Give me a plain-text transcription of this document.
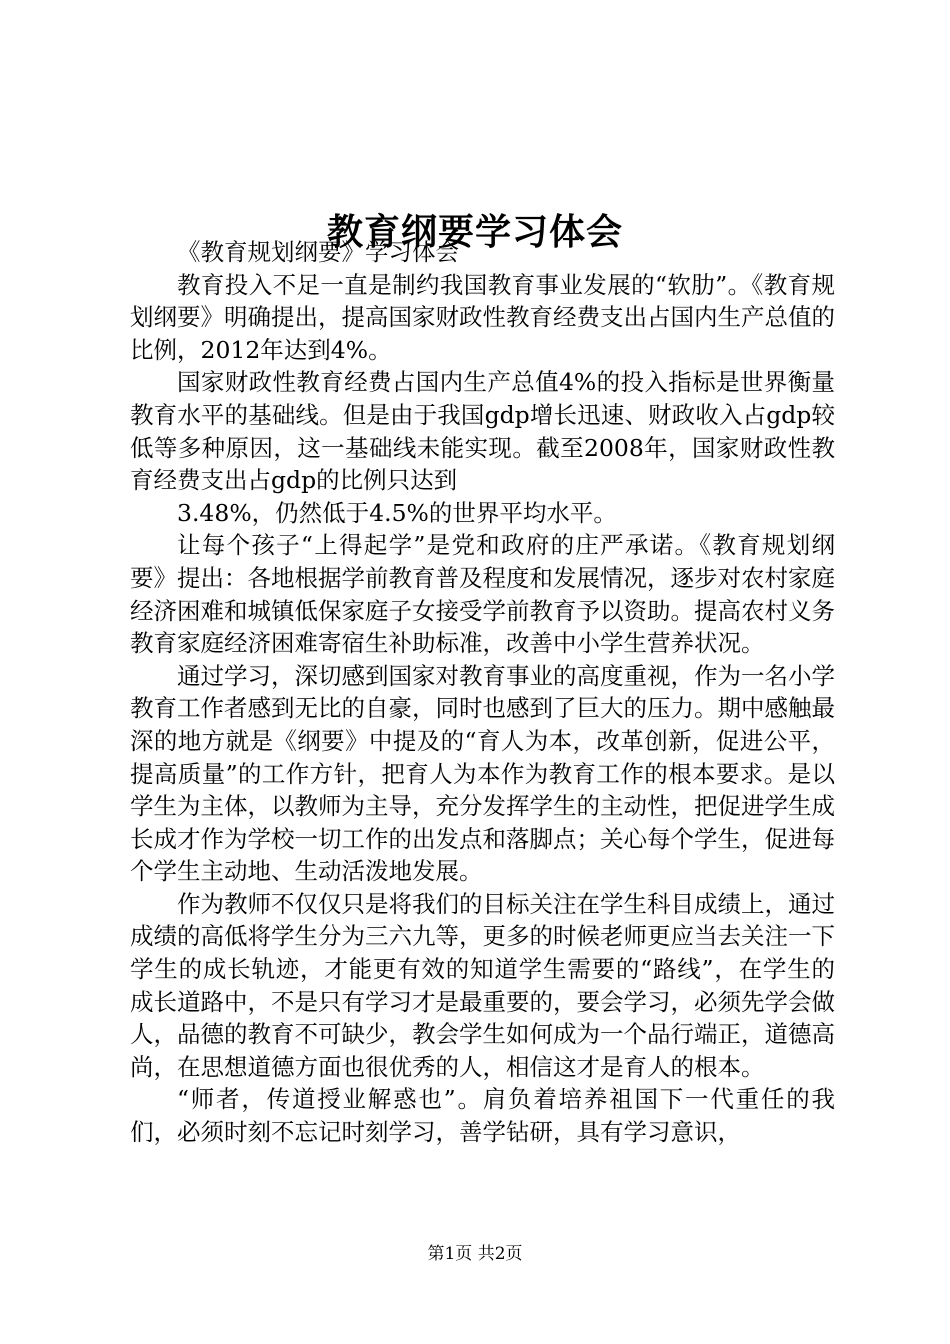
教育纲要学习体会

《教育规划纲要》学习体会

教育投入不足一直是制约我国教育事业发展的“软肋”。《教育规划纲要》明确提出，提高国家财政性教育经费支出占国内生产总值的比例，2012年达到4%。

国家财政性教育经费占国内生产总值4%的投入指标是世界衡量教育水平的基础线。但是由于我国gdp增长迅速、财政收入占gdp较低等多种原因，这一基础线未能实现。截至2008年，国家财政性教育经费支出占gdp的比例只达到

3.48%，仍然低于4.5%的世界平均水平。

让每个孩子“上得起学”是党和政府的庄严承诺。《教育规划纲要》提出：各地根据学前教育普及程度和发展情况，逐步对农村家庭经济困难和城镇低保家庭子女接受学前教育予以资助。提高农村义务教育家庭经济困难寄宿生补助标准，改善中小学生营养状况。

通过学习，深切感到国家对教育事业的高度重视，作为一名小学教育工作者感到无比的自豪，同时也感到了巨大的压力。期中感触最深的地方就是《纲要》中提及的“育人为本，改革创新，促进公平，提高质量”的工作方针，把育人为本作为教育工作的根本要求。是以学生为主体，以教师为主导，充分发挥学生的主动性，把促进学生成长成才作为学校一切工作的出发点和落脚点；关心每个学生，促进每个学生主动地、生动活泼地发展。

作为教师不仅仅只是将我们的目标关注在学生科目成绩上，通过成绩的高低将学生分为三六九等，更多的时候老师更应当去关注一下学生的成长轨迹，才能更有效的知道学生需要的“路线”，在学生的成长道路中，不是只有学习才是最重要的，要会学习，必须先学会做人，品德的教育不可缺少，教会学生如何成为一个品行端正，道德高尚，在思想道德方面也很优秀的人，相信这才是育人的根本。

“师者，传道授业解惑也”。肩负着培养祖国下一代重任的我们，必须时刻不忘记时刻学习，善学钻研，具有学习意识，

第1页 共2页
